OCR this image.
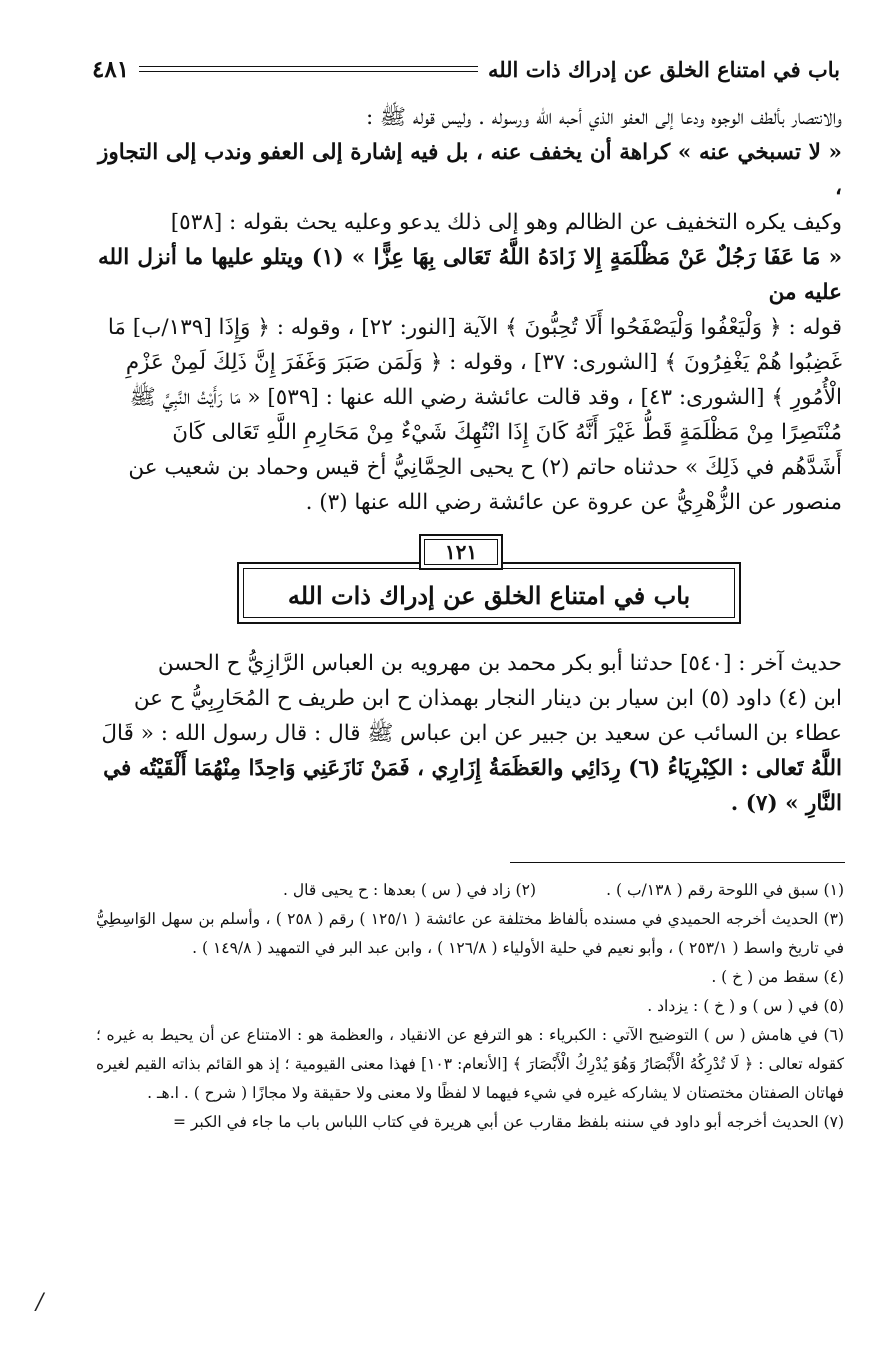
باب في امتناع الخلق عن إدراك ذات الله
٤٨١

والانتصار بألطف الوجوه ودعا إلى العفو الذي أحبه الله ورسوله . وليس قوله ﷺ :

« لا تسبخي عنه » كراهة أن يخفف عنه ، بل فيه إشارة إلى العفو وندب إلى التجاوز ،

وكيف يكره التخفيف عن الظالم وهو إلى ذلك يدعو وعليه يحث بقوله : [٥٣٨]

« مَا عَفَا رَجُلٌ عَنْ مَظْلَمَةٍ إِلا زَادَهُ اللَّهُ تَعَالى بِهَا عِزًّا » (١) ويتلو عليها ما أنزل الله عليه من

قوله : ﴿ وَلْيَعْفُوا وَلْيَصْفَحُوا أَلَا تُحِبُّونَ ﴾ الآية [النور: ٢٢] ، وقوله : ﴿ وَإِذَا [١٣٩/ب] مَا

غَضِبُوا هُمْ يَغْفِرُونَ ﴾ [الشورى: ٣٧] ، وقوله : ﴿ وَلَمَن صَبَرَ وَغَفَرَ إِنَّ ذَلِكَ لَمِنْ عَزْمِ

الْأُمُورِ ﴾ [الشورى: ٤٣] ، وقد قالت عائشة رضي الله عنها : [٥٣٩] « مَا رَأَيْتُ النَّبِيَّ ﷺ

مُنْتَصِرًا مِنْ مَظْلَمَةٍ قَطُّ غَيْرَ أَنَّهُ كَانَ إِذَا انْتُهِكَ شَيْءٌ مِنْ مَحَارِمِ اللَّهِ تَعَالى كَانَ

أَشَدَّهُم في ذَلِكَ » حدثناه حاتم (٢) ح يحيى الحِمَّانِيُّ أخ قيس وحماد بن شعيب عن

منصور عن الزُّهْرِيُّ عن عروة عن عائشة رضي الله عنها (٣) .

١٢١
باب في امتناع الخلق عن إدراك ذات الله

حديث آخر : [٥٤٠] حدثنا أبو بكر محمد بن مهرويه بن العباس الرَّازِيُّ ح الحسن

ابن (٤) داود (٥) ابن سيار بن دينار النجار بهمذان ح ابن طريف ح المُحَارِبِيُّ ح عن

عطاء بن السائب عن سعيد بن جبير عن ابن عباس ﷺ قال : قال رسول الله : « قَالَ

اللَّهُ تَعالى : الكِبْرِيَاءُ (٦) رِدَائِي والعَظَمَةُ إِزَارِي ، فَمَنْ نَازَعَنِي وَاحِدًا مِنْهُمَا أَلْقَيْتُه في

النَّارِ » (٧) .

(١) سبق في اللوحة رقم ( ١٣٨/ب ) .
(٢) زاد في ( س ) بعدها : ح يحيى قال .

(٣) الحديث أخرجه الحميدي في مسنده بألفاظ مختلفة عن عائشة ( ١٢٥/١ ) رقم ( ٢٥٨ ) ، وأسلم بن سهل الوَاسِطِيُّ في تاريخ واسط ( ٢٥٣/١ ) ، وأبو نعيم في حلية الأولياء ( ١٢٦/٨ ) ، وابن عبد البر في التمهيد ( ١٤٩/٨ ) .

(٤) سقط من ( خ ) .

(٥) في ( س ) و ( خ ) : يزداد .

(٦) في هامش ( س ) التوضيح الآتي : الكبرياء : هو الترفع عن الانقياد ، والعظمة هو : الامتناع عن أن يحيط به غيره ؛ كقوله تعالى : ﴿ لَا تُدْرِكُهُ الْأَبْصَارُ وَهُوَ يُدْرِكُ الْأَبْصَارَ ﴾ [الأنعام: ١٠٣] فهذا معنى القيومية ؛ إذ هو القائم بذاته القيم لغيره فهاتان الصفتان مختصتان لا يشاركه غيره في شيء فيهما لا لفظًا ولا معنى ولا حقيقة ولا مجازًا ( شرح ) . ا.هـ .

(٧) الحديث أخرجه أبو داود في سننه بلفظ مقارب عن أبي هريرة في كتاب اللباس باب ما جاء في الكبر =

/
